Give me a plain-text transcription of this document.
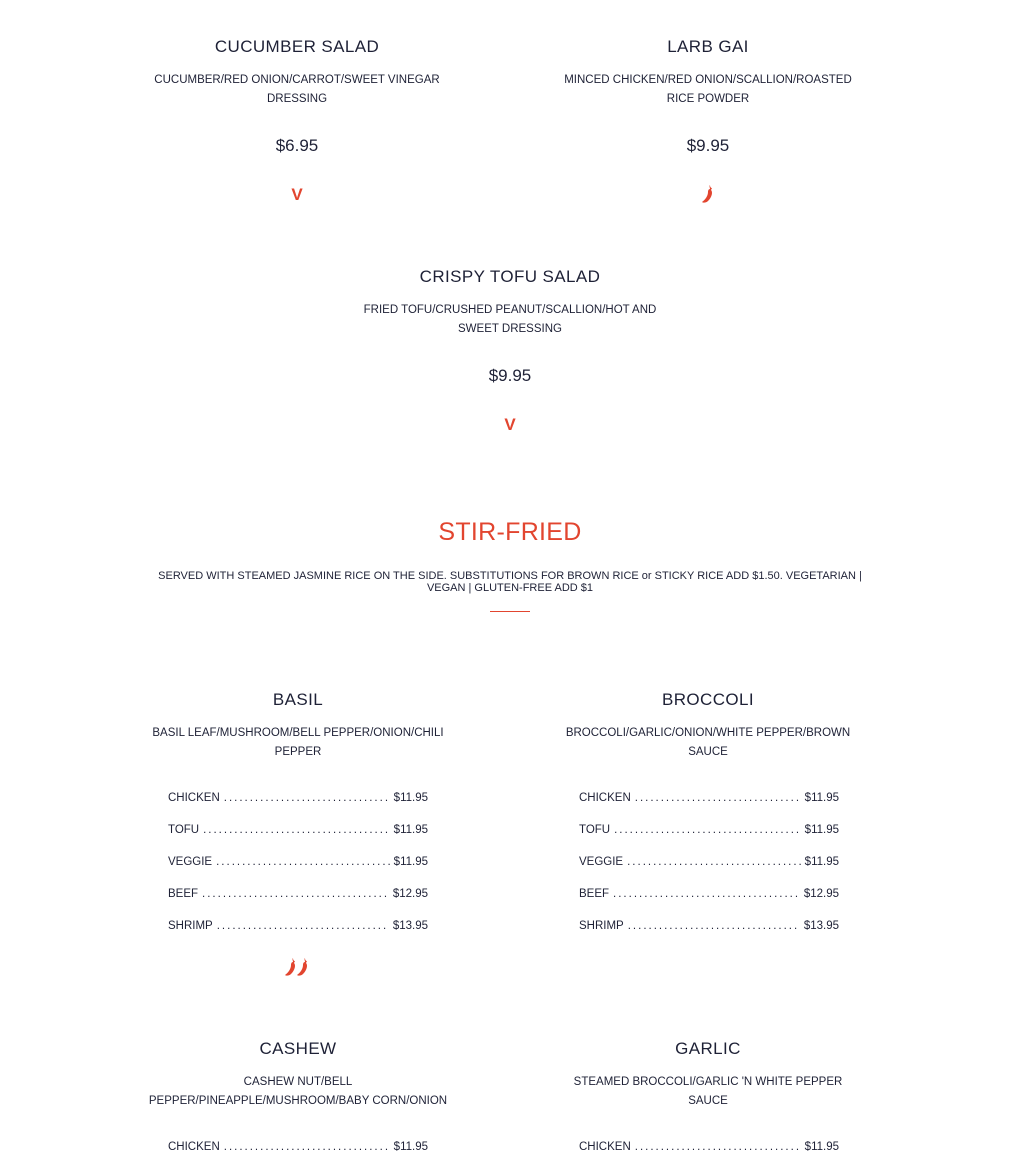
CUCUMBER SALAD
CUCUMBER/RED ONION/CARROT/SWEET VINEGAR DRESSING
$6.95
V
LARB GAI
MINCED CHICKEN/RED ONION/SCALLION/ROASTED RICE POWDER
$9.95
CRISPY TOFU SALAD
FRIED TOFU/CRUSHED PEANUT/SCALLION/HOT AND SWEET DRESSING
$9.95
V
STIR-FRIED
SERVED WITH STEAMED JASMINE RICE ON THE SIDE. SUBSTITUTIONS FOR BROWN RICE or STICKY RICE ADD $1.50. VEGETARIAN | VEGAN | GLUTEN-FREE ADD $1
BASIL
BASIL LEAF/MUSHROOM/BELL PEPPER/ONION/CHILI PEPPER
CHICKEN .....	$11.95
TOFU .....	$11.95
VEGGIE .....	$11.95
BEEF .....	$12.95
SHRIMP .....	$13.95
BROCCOLI
BROCCOLI/GARLIC/ONION/WHITE PEPPER/BROWN SAUCE
CHICKEN .....	$11.95
TOFU .....	$11.95
VEGGIE .....	$11.95
BEEF .....	$12.95
SHRIMP .....	$13.95
CASHEW
CASHEW NUT/BELL PEPPER/PINEAPPLE/MUSHROOM/BABY CORN/ONION
CHICKEN .....	$11.95
GARLIC
STEAMED BROCCOLI/GARLIC 'N WHITE PEPPER SAUCE
CHICKEN .....	$11.95
